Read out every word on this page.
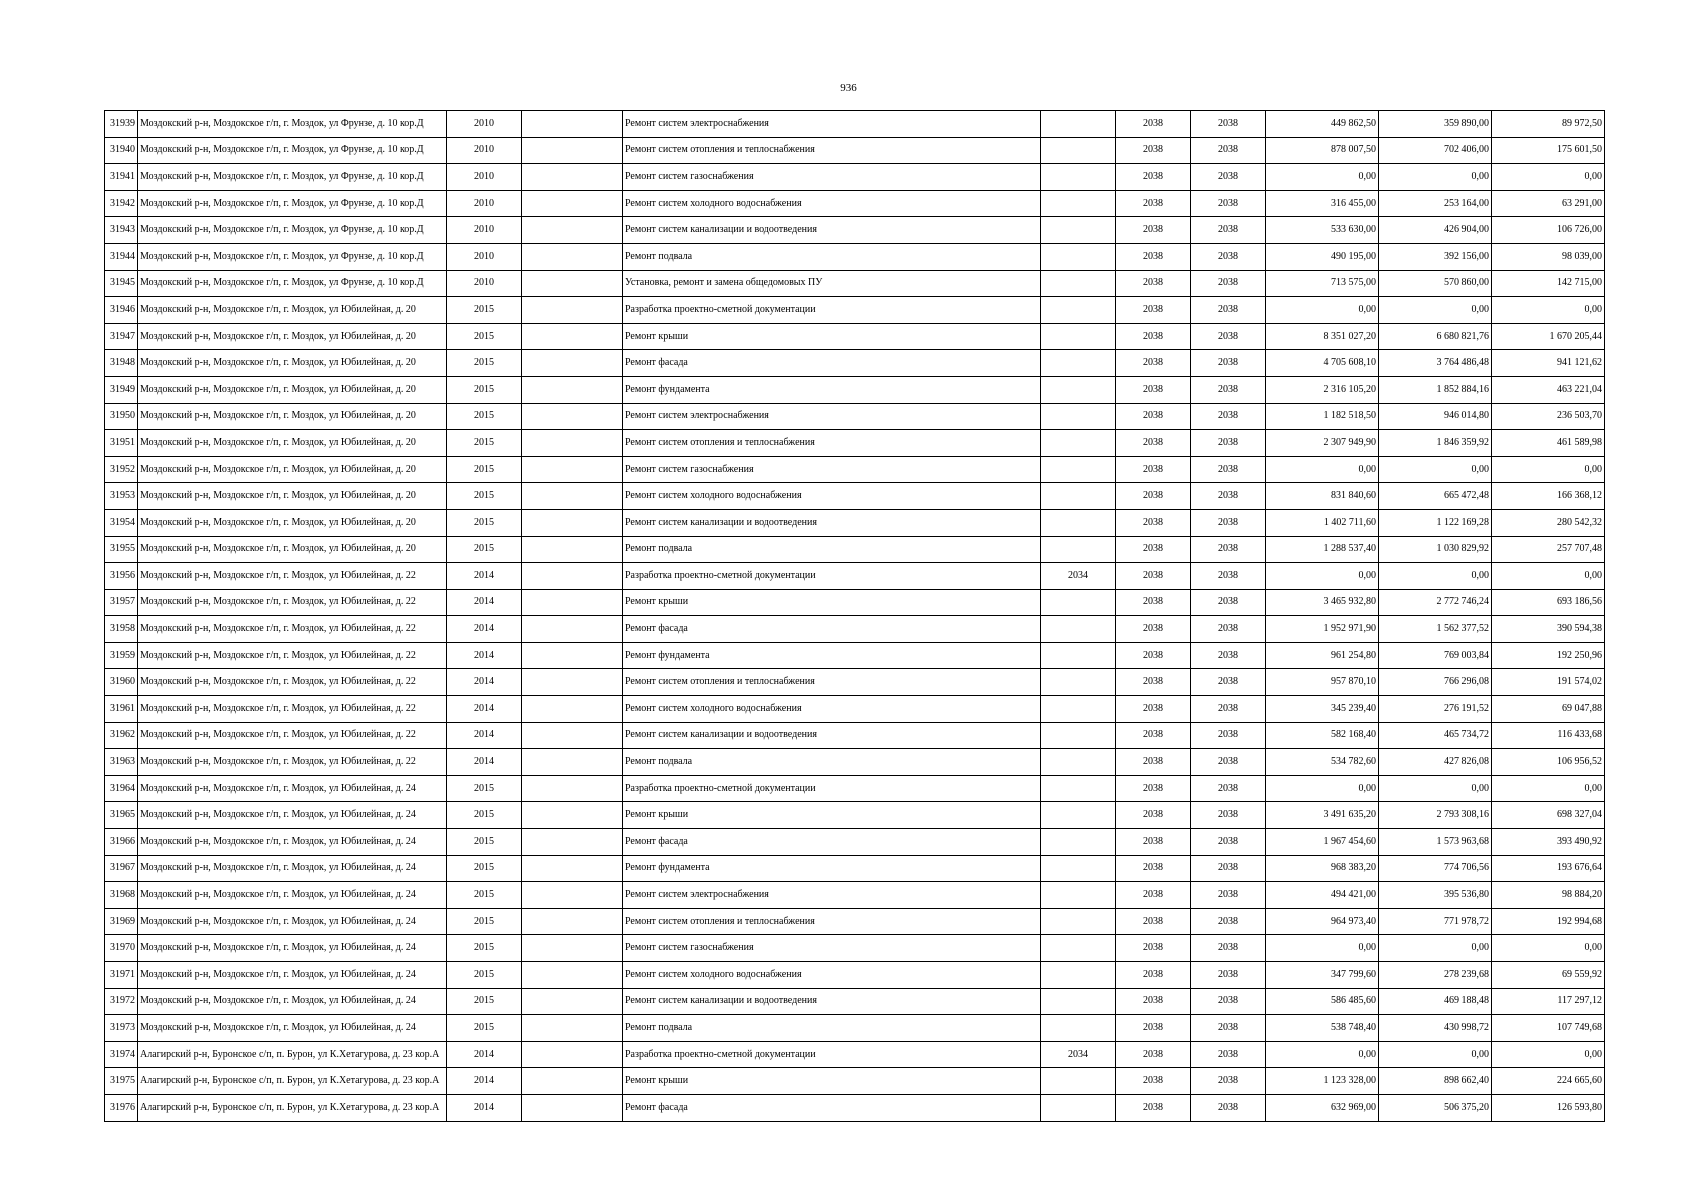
936
31939	Моздокский р-н, Моздокское г/п, г. Моздок, ул Фрунзе, д. 10 кор.Д	2010		Ремонт систем электроснабжения		2038	2038	449 862,50	359 890,00	89 972,50
31940	Моздокский р-н, Моздокское г/п, г. Моздок, ул Фрунзе, д. 10 кор.Д	2010		Ремонт систем отопления и теплоснабжения		2038	2038	878 007,50	702 406,00	175 601,50
31941	Моздокский р-н, Моздокское г/п, г. Моздок, ул Фрунзе, д. 10 кор.Д	2010		Ремонт систем газоснабжения		2038	2038	0,00	0,00	0,00
31942	Моздокский р-н, Моздокское г/п, г. Моздок, ул Фрунзе, д. 10 кор.Д	2010		Ремонт систем холодного водоснабжения		2038	2038	316 455,00	253 164,00	63 291,00
31943	Моздокский р-н, Моздокское г/п, г. Моздок, ул Фрунзе, д. 10 кор.Д	2010		Ремонт систем канализации и водоотведения		2038	2038	533 630,00	426 904,00	106 726,00
31944	Моздокский р-н, Моздокское г/п, г. Моздок, ул Фрунзе, д. 10 кор.Д	2010		Ремонт подвала		2038	2038	490 195,00	392 156,00	98 039,00
31945	Моздокский р-н, Моздокское г/п, г. Моздок, ул Фрунзе, д. 10 кор.Д	2010		Установка, ремонт и замена общедомовых ПУ		2038	2038	713 575,00	570 860,00	142 715,00
31946	Моздокский р-н, Моздокское г/п, г. Моздок, ул Юбилейная, д. 20	2015		Разработка проектно-сметной документации		2038	2038	0,00	0,00	0,00
31947	Моздокский р-н, Моздокское г/п, г. Моздок, ул Юбилейная, д. 20	2015		Ремонт крыши		2038	2038	8 351 027,20	6 680 821,76	1 670 205,44
31948	Моздокский р-н, Моздокское г/п, г. Моздок, ул Юбилейная, д. 20	2015		Ремонт фасада		2038	2038	4 705 608,10	3 764 486,48	941 121,62
31949	Моздокский р-н, Моздокское г/п, г. Моздок, ул Юбилейная, д. 20	2015		Ремонт фундамента		2038	2038	2 316 105,20	1 852 884,16	463 221,04
31950	Моздокский р-н, Моздокское г/п, г. Моздок, ул Юбилейная, д. 20	2015		Ремонт систем электроснабжения		2038	2038	1 182 518,50	946 014,80	236 503,70
31951	Моздокский р-н, Моздокское г/п, г. Моздок, ул Юбилейная, д. 20	2015		Ремонт систем отопления и теплоснабжения		2038	2038	2 307 949,90	1 846 359,92	461 589,98
31952	Моздокский р-н, Моздокское г/п, г. Моздок, ул Юбилейная, д. 20	2015		Ремонт систем газоснабжения		2038	2038	0,00	0,00	0,00
31953	Моздокский р-н, Моздокское г/п, г. Моздок, ул Юбилейная, д. 20	2015		Ремонт систем холодного водоснабжения		2038	2038	831 840,60	665 472,48	166 368,12
31954	Моздокский р-н, Моздокское г/п, г. Моздок, ул Юбилейная, д. 20	2015		Ремонт систем канализации и водоотведения		2038	2038	1 402 711,60	1 122 169,28	280 542,32
31955	Моздокский р-н, Моздокское г/п, г. Моздок, ул Юбилейная, д. 20	2015		Ремонт подвала		2038	2038	1 288 537,40	1 030 829,92	257 707,48
31956	Моздокский р-н, Моздокское г/п, г. Моздок, ул Юбилейная, д. 22	2014		Разработка проектно-сметной документации	2034	2038	2038	0,00	0,00	0,00
31957	Моздокский р-н, Моздокское г/п, г. Моздок, ул Юбилейная, д. 22	2014		Ремонт крыши		2038	2038	3 465 932,80	2 772 746,24	693 186,56
31958	Моздокский р-н, Моздокское г/п, г. Моздок, ул Юбилейная, д. 22	2014		Ремонт фасада		2038	2038	1 952 971,90	1 562 377,52	390 594,38
31959	Моздокский р-н, Моздокское г/п, г. Моздок, ул Юбилейная, д. 22	2014		Ремонт фундамента		2038	2038	961 254,80	769 003,84	192 250,96
31960	Моздокский р-н, Моздокское г/п, г. Моздок, ул Юбилейная, д. 22	2014		Ремонт систем отопления и теплоснабжения		2038	2038	957 870,10	766 296,08	191 574,02
31961	Моздокский р-н, Моздокское г/п, г. Моздок, ул Юбилейная, д. 22	2014		Ремонт систем холодного водоснабжения		2038	2038	345 239,40	276 191,52	69 047,88
31962	Моздокский р-н, Моздокское г/п, г. Моздок, ул Юбилейная, д. 22	2014		Ремонт систем канализации и водоотведения		2038	2038	582 168,40	465 734,72	116 433,68
31963	Моздокский р-н, Моздокское г/п, г. Моздок, ул Юбилейная, д. 22	2014		Ремонт подвала		2038	2038	534 782,60	427 826,08	106 956,52
31964	Моздокский р-н, Моздокское г/п, г. Моздок, ул Юбилейная, д. 24	2015		Разработка проектно-сметной документации		2038	2038	0,00	0,00	0,00
31965	Моздокский р-н, Моздокское г/п, г. Моздок, ул Юбилейная, д. 24	2015		Ремонт крыши		2038	2038	3 491 635,20	2 793 308,16	698 327,04
31966	Моздокский р-н, Моздокское г/п, г. Моздок, ул Юбилейная, д. 24	2015		Ремонт фасада		2038	2038	1 967 454,60	1 573 963,68	393 490,92
31967	Моздокский р-н, Моздокское г/п, г. Моздок, ул Юбилейная, д. 24	2015		Ремонт фундамента		2038	2038	968 383,20	774 706,56	193 676,64
31968	Моздокский р-н, Моздокское г/п, г. Моздок, ул Юбилейная, д. 24	2015		Ремонт систем электроснабжения		2038	2038	494 421,00	395 536,80	98 884,20
31969	Моздокский р-н, Моздокское г/п, г. Моздок, ул Юбилейная, д. 24	2015		Ремонт систем отопления и теплоснабжения		2038	2038	964 973,40	771 978,72	192 994,68
31970	Моздокский р-н, Моздокское г/п, г. Моздок, ул Юбилейная, д. 24	2015		Ремонт систем газоснабжения		2038	2038	0,00	0,00	0,00
31971	Моздокский р-н, Моздокское г/п, г. Моздок, ул Юбилейная, д. 24	2015		Ремонт систем холодного водоснабжения		2038	2038	347 799,60	278 239,68	69 559,92
31972	Моздокский р-н, Моздокское г/п, г. Моздок, ул Юбилейная, д. 24	2015		Ремонт систем канализации и водоотведения		2038	2038	586 485,60	469 188,48	117 297,12
31973	Моздокский р-н, Моздокское г/п, г. Моздок, ул Юбилейная, д. 24	2015		Ремонт подвала		2038	2038	538 748,40	430 998,72	107 749,68
31974	Алагирский р-н, Буронское с/п, п. Бурон, ул К.Хетагурова, д. 23 кор.А	2014		Разработка проектно-сметной документации	2034	2038	2038	0,00	0,00	0,00
31975	Алагирский р-н, Буронское с/п, п. Бурон, ул К.Хетагурова, д. 23 кор.А	2014		Ремонт крыши		2038	2038	1 123 328,00	898 662,40	224 665,60
31976	Алагирский р-н, Буронское с/п, п. Бурон, ул К.Хетагурова, д. 23 кор.А	2014		Ремонт фасада		2038	2038	632 969,00	506 375,20	126 593,80
